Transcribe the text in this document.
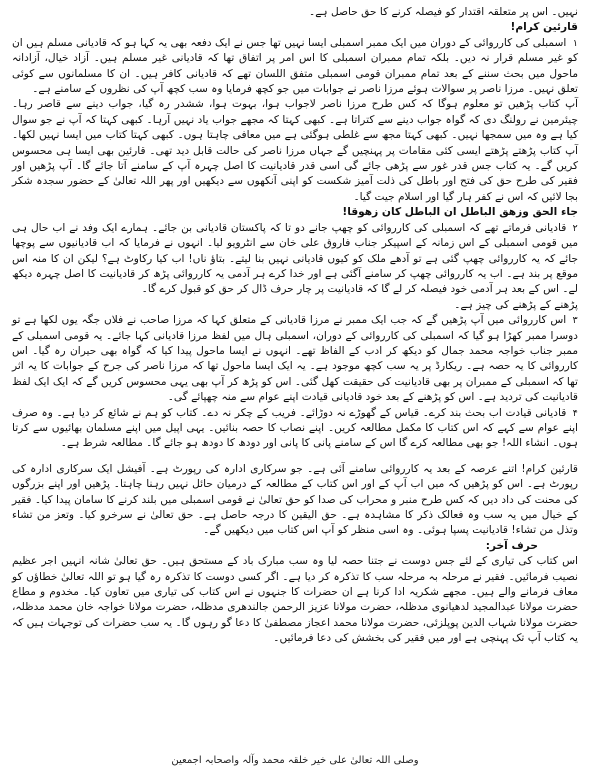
نہیں۔ اس پر متعلقہ اقتدار کو فیصلہ کرنے کا حق حاصل ہے۔

قارئین کرام!

۱اسمبلی کی کارروائی کے دوران میں ایک ممبر اسمبلی ایسا نہیں تھا جس نے ایک دفعہ بھی یہ کہا ہو کہ قادیانی مسلم ہیں ان کو غیر مسلم قرار نہ دیں۔ بلکہ تمام ممبران اسمبلی کا اس امر پر اتفاق تھا کہ قادیانی غیر مسلم ہیں۔ آزاد خیال، آزادانہ ماحول میں بحث سننے کے بعد تمام ممبران قومی اسمبلی متفق اللسان تھے کہ قادیانی کافر ہیں۔ ان کا مسلمانوں سے کوئی تعلق نہیں۔ مرزا ناصر پر سوالات ہوئے مرزا ناصر نے جوابات میں جو کچھ فرمایا وہ سب کچھ آپ کی نظروں کے سامنے ہے۔

آپ کتاب پڑھیں تو معلوم ہوگا کہ کس طرح مرزا ناصر لاجواب ہوا، بہوت ہوا، ششدر رہ گیا، جواب دینے سے قاصر رہا۔ چیئرمین نے رولنگ دی کہ گواہ جواب دینے سے کتراتا ہے۔ کبھی کہتا کہ مجھے جواب یاد نہیں آرہا۔ کبھی کہتا کہ آپ نے جو سوال کیا ہے وہ میں سمجھا نہیں۔ کبھی کہتا مجھ سے غلطی ہوگئی ہے میں معافی چاہتا ہوں۔ کبھی کہتا کتاب میں ایسا نہیں لکھا۔ آپ کتاب پڑھتے پڑھتے ایسی کئی مقامات پر پہنچیں گے جہاں مرزا ناصر کی حالت قابل دید تھی۔ قارئین بھی ایسا ہی محسوس کریں گے۔ یہ کتاب جس قدر غور سے پڑھی جائے گی اسی قدر قادیانیت کا اصل چہرہ آپ کے سامنے آتا جائے گا۔ آپ پڑھیں اور فقیر کی طرح حق کی فتح اور باطل کی ذلت آمیز شکست کو اپنی آنکھوں سے دیکھیں اور پھر اللہ تعالیٰ کے حضور سجدہ شکر بجا لائیں کہ اس نے کفر ہار گیا اور اسلام جیت گیا۔

جاء الحق وزهق الباطل ان الباطل كان زهوقا!

۲قادیانی فرماتے تھے کہ اسمبلی کی کارروائی کو چھپ جانے دو تا کہ پاکستان قادیانی بن جائے۔ ہمارے ایک وفد نے اب حال ہی میں قومی اسمبلی کے اس زمانہ کے اسپیکر جناب فاروق علی خان سے انٹرویو لیا۔ انہوں نے فرمایا کہ اب قادیانیوں سے پوچھا جائے کہ یہ کارروائی چھپ گئی ہے تو آدھے ملک کو کیوں قادیانی نہیں بنا لیتے۔ بتاؤ ناں! اب کیا رکاوٹ ہے؟ لیکن ان کا منہ اس موقع پر بند ہے۔ اب یہ کارروائی چھپ کر سامنے آگئی ہے اور خدا کرے ہر آدمی یہ کارروائی پڑھ کر قادیانیت کا اصل چہرہ دیکھ لے۔ اس کے بعد ہر آدمی خود فیصلہ کر لے گا کہ قادیانیت پر چار حرف ڈال کر حق کو قبول کرے گا۔

پڑھنے کے پڑھنے کی چیز ہے۔

۳اس کارروائی میں آپ پڑھیں گے کہ جب ایک ممبر نے مرزا قادیانی کے متعلق کہا کہ مرزا صاحب نے فلاں جگہ یوں لکھا ہے تو دوسرا ممبر کھڑا ہو گیا کہ اسمبلی کی کارروائی کے دوران، اسمبلی ہال میں لفظ مرزا قادیانی کہا جائے۔ یہ قومی اسمبلی کے ممبر جناب خواجہ محمد جمال کو دیکھ کر ادب کے الفاظ تھے۔ انہوں نے ایسا ماحول پیدا کیا کہ گواہ بھی حیران رہ گیا۔ اس کارروائی کا یہ حصہ ہے۔ ریکارڈ پر یہ سب کچھ موجود ہے۔ یہ ایک ایسا ماحول تھا کہ مرزا ناصر کی جرح کے جوابات کا یہ اثر تھا کہ اسمبلی کے ممبران پر بھی قادیانیت کی حقیقت کھل گئی۔ اس کو پڑھ کر آپ بھی یہی محسوس کریں گے کہ ایک ایک لفظ قادیانیت کی تردید ہے۔ اس کو پڑھنے کے بعد خود قادیانی قیادت اپنے عوام سے منہ چھپائے گی۔

۴قادیانی قیادت اب بحث بند کرے۔ قیاس کے گھوڑے نہ دوڑائے۔ فریب کے چکر نہ دے۔ کتاب کو ہم نے شائع کر دیا ہے۔ وہ صرف اپنے عوام سے کہے کہ اس کتاب کا مکمل مطالعہ کریں۔ اپنے نصاب کا حصہ بنائیں۔ یہی اپیل میں اپنے مسلمان بھائیوں سے کرتا ہوں۔ انشاء اللہ! جو بھی مطالعہ کرے گا اس کے سامنے پانی کا پانی اور دودھ کا دودھ ہو جائے گا۔ مطالعہ شرط ہے۔

قارئین کرام! اتنے عرصہ کے بعد یہ کارروائی سامنے آئی ہے۔ جو سرکاری ادارہ کی رپورٹ ہے۔ آفیشل ایک سرکاری ادارہ کی رپورٹ ہے۔ اس کو پڑھیں کہ میں اب آپ کے اور اس کتاب کے مطالعہ کے درمیان حائل نہیں رہنا چاہتا۔ پڑھیں اور اپنے بزرگوں کی محنت کی داد دیں کہ کس طرح منبر و محراب کی صدا کو حق تعالیٰ نے قومی اسمبلی میں بلند کرنے کا سامان پیدا کیا۔ فقیر کے خیال میں یہ سب وہ فعالک ذکر کا مشاہدہ ہے۔ حق الیقین کا درجہ حاصل ہے۔ حق تعالیٰ نے سرخرو کیا۔ وتعز من تشاء وتذل من تشاء! قادیانیت پسپا ہوئی۔ وہ اسی منظر کو آپ اس کتاب میں دیکھیں گے۔

حرف آخر:

اس کتاب کی تیاری کے لئے جس دوست نے جتنا حصہ لیا وہ سب مبارک باد کے مستحق ہیں۔ حق تعالیٰ شانہ انہیں اجر عظیم نصیب فرمائیں۔ فقیر نے مرحلہ بہ مرحلہ سب کا تذکرہ کر دیا ہے۔ اگر کسی دوست کا تذکرہ رہ گیا ہو تو اللہ تعالیٰ خطاؤں کو معاف فرمانے والے ہیں۔ مجھے شکریہ ادا کرنا ہے ان حضرات کا جنہوں نے اس کتاب کی تیاری میں تعاون کیا۔ مخدوم و مطاع حضرت مولانا عبدالمجید لدھیانوی مدظلہ، حضرت مولانا عزیز الرحمن جالندھری مدظلہ، حضرت مولانا خواجہ خان محمد مدظلہ، حضرت مولانا شہاب الدین پوپلزئی، حضرت مولانا محمد اعجاز مصطفیٰ کا دعا گو رہوں گا۔ یہ سب حضرات کی توجہات ہیں کہ یہ کتاب آپ تک پہنچی ہے اور میں فقیر کی بخشش کی دعا فرمائیں۔

وصلی اللہ تعالیٰ علی خیر خلقہ محمد وآلہ واصحابہ اجمعین
